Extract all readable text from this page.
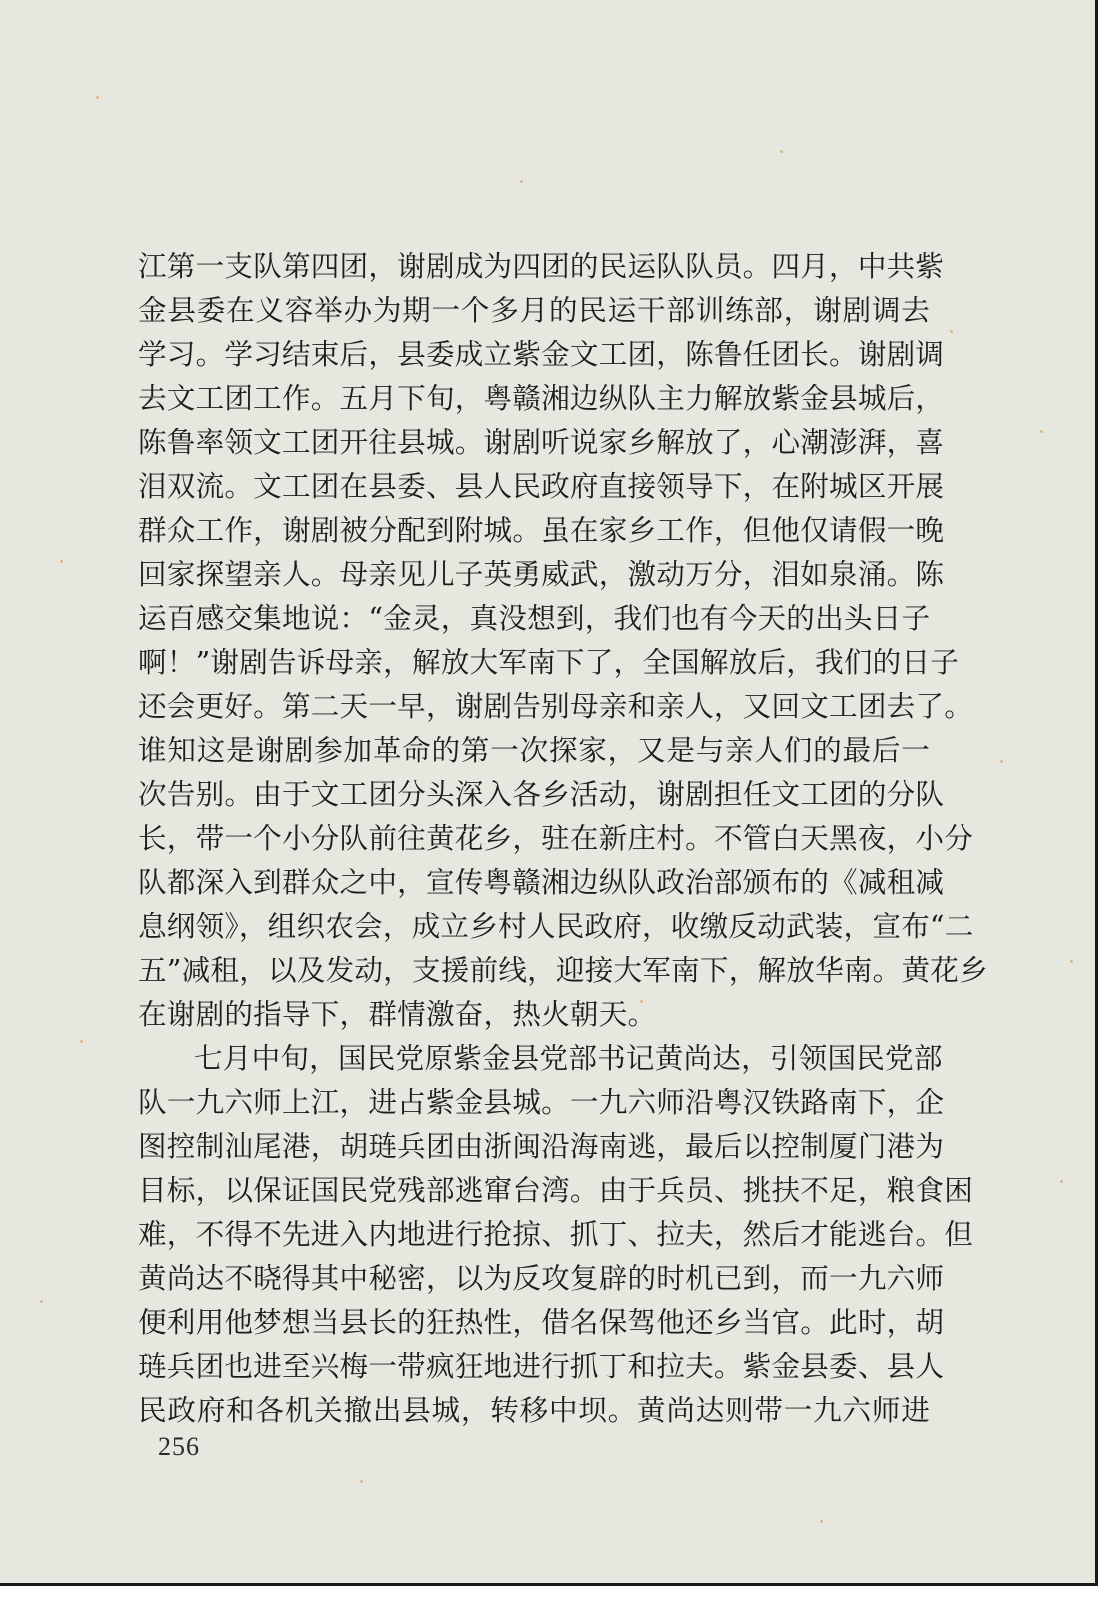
江第一支队第四团，谢剧成为四团的民运队队员。四月，中共紫
金县委在义容举办为期一个多月的民运干部训练部，谢剧调去
学习。学习结束后，县委成立紫金文工团，陈鲁任团长。谢剧调
去文工团工作。五月下旬，粤赣湘边纵队主力解放紫金县城后，
陈鲁率领文工团开往县城。谢剧听说家乡解放了，心潮澎湃，喜
泪双流。文工团在县委、县人民政府直接领导下，在附城区开展
群众工作，谢剧被分配到附城。虽在家乡工作，但他仅请假一晚
回家探望亲人。母亲见儿子英勇威武，激动万分，泪如泉涌。陈
运百感交集地说：“金灵，真没想到，我们也有今天的出头日子
啊！”谢剧告诉母亲，解放大军南下了，全国解放后，我们的日子
还会更好。第二天一早，谢剧告别母亲和亲人，又回文工团去了。
谁知这是谢剧参加革命的第一次探家，又是与亲人们的最后一
次告别。由于文工团分头深入各乡活动，谢剧担任文工团的分队
长，带一个小分队前往黄花乡，驻在新庄村。不管白天黑夜，小分
队都深入到群众之中，宣传粤赣湘边纵队政治部颁布的《减租减
息纲领》，组织农会，成立乡村人民政府，收缴反动武装，宣布“二
五”减租，以及发动，支援前线，迎接大军南下，解放华南。黄花乡
在谢剧的指导下，群情激奋，热火朝天。
七月中旬，国民党原紫金县党部书记黄尚达，引领国民党部
队一九六师上江，进占紫金县城。一九六师沿粤汉铁路南下，企
图控制汕尾港，胡琏兵团由浙闽沿海南逃，最后以控制厦门港为
目标，以保证国民党残部逃窜台湾。由于兵员、挑扶不足，粮食困
难，不得不先进入内地进行抢掠、抓丁、拉夫，然后才能逃台。但
黄尚达不晓得其中秘密，以为反攻复辟的时机已到，而一九六师
便利用他梦想当县长的狂热性，借名保驾他还乡当官。此时，胡
琏兵团也进至兴梅一带疯狂地进行抓丁和拉夫。紫金县委、县人
民政府和各机关撤出县城，转移中坝。黄尚达则带一九六师进
256
